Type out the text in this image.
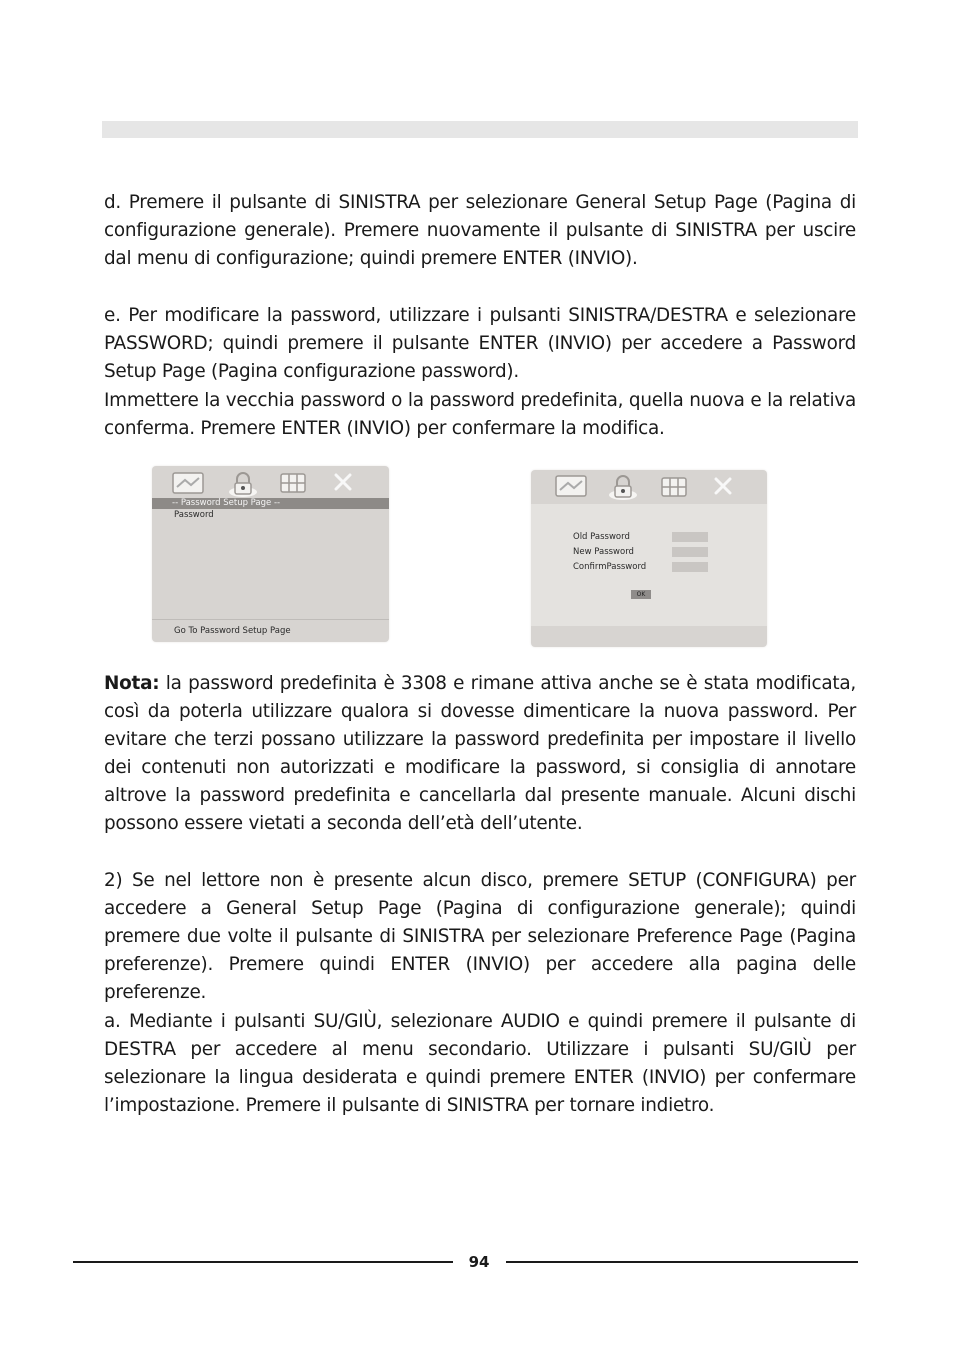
d. Premere il pulsante di SINISTRA per selezionare General Setup Page (Pagina di configurazione generale). Premere nuovamente il pulsante di SINISTRA per uscire dal menu di configurazione; quindi premere ENTER (INVIO).

e. Per modificare la password, utilizzare i pulsanti SINISTRA/DESTRA e selezionare PASSWORD; quindi premere il pulsante ENTER (INVIO) per accedere a Password Setup Page (Pagina configurazione password).

Immettere la vecchia password o la password predefinita, quella nuova e la relativa conferma. Premere ENTER (INVIO) per confermare la modifica.

-- Password Setup Page --
Password
Go To Password Setup Page
Old Password
New Password
ConfirmPassword
OK

Nota: la password predefinita è 3308 e rimane attiva anche se è stata modificata, così da poterla utilizzare qualora si dovesse dimenticare la nuova password. Per evitare che terzi possano utilizzare la password predefinita per impostare il livello dei contenuti non autorizzati e modificare la password, si consiglia di annotare altrove la password predefinita e cancellarla dal presente manuale. Alcuni dischi possono essere vietati a seconda dell’età dell’utente.

2) Se nel lettore non è presente alcun disco, premere SETUP (CONFIGURA) per accedere a General Setup Page (Pagina di configurazione generale); quindi premere due volte il pulsante di SINISTRA per selezionare Preference Page (Pagina preferenze). Premere quindi ENTER (INVIO) per accedere alla pagina delle preferenze.

a. Mediante i pulsanti SU/GIÙ, selezionare AUDIO e quindi premere il pulsante di DESTRA per accedere al menu secondario. Utilizzare i pulsanti SU/GIÙ per selezionare la lingua desiderata e quindi premere ENTER (INVIO) per confermare l’impostazione. Premere il pulsante di SINISTRA per tornare indietro.

94
